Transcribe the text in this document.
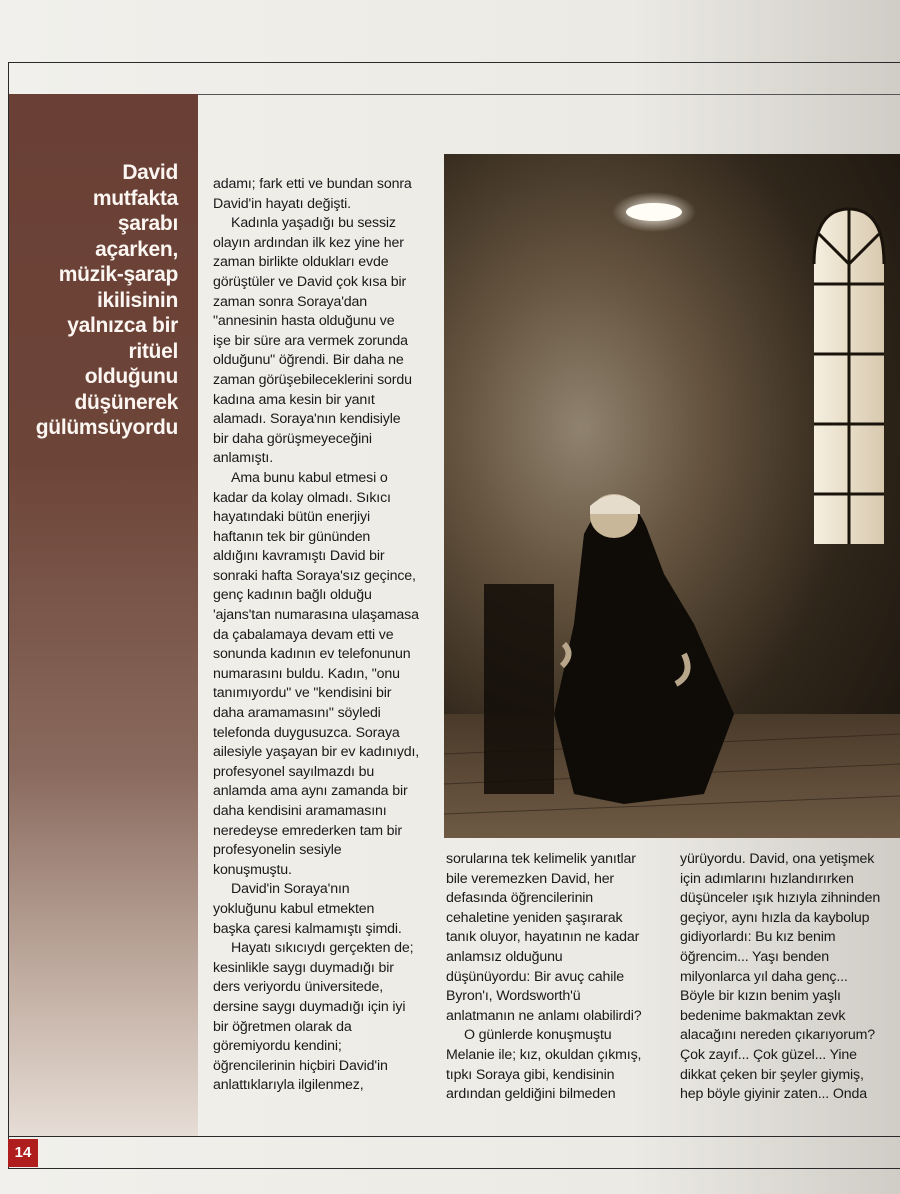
David
mutfakta
şarabı
açarken,
müzik-şarap
ikilisinin
yalnızca bir
ritüel
olduğunu
düşünerek
gülümsüyordu
adamı; fark etti ve bundan sonra
David'in hayatı değişti.
Kadınla yaşadığı bu sessiz
olayın ardından ilk kez yine her
zaman birlikte oldukları evde
görüştüler ve David çok kısa bir
zaman sonra Soraya'dan
"annesinin hasta olduğunu ve
işe bir süre ara vermek zorunda
olduğunu" öğrendi. Bir daha ne
zaman görüşebileceklerini sordu
kadına ama kesin bir yanıt
alamadı. Soraya'nın kendisiyle
bir daha görüşmeyeceğini
anlamıştı.
Ama bunu kabul etmesi o
kadar da kolay olmadı. Sıkıcı
hayatındaki bütün enerjiyi
haftanın tek bir gününden
aldığını kavramıştı David bir
sonraki hafta Soraya'sız geçince,
genç kadının bağlı olduğu
'ajans'tan numarasına ulaşamasa
da çabalamaya devam etti ve
sonunda kadının ev telefonunun
numarasını buldu. Kadın, "onu
tanımıyordu" ve "kendisini bir
daha aramamasını" söyledi
telefonda duygusuzca. Soraya
ailesiyle yaşayan bir ev kadınıydı,
profesyonel sayılmazdı bu
anlamda ama aynı zamanda bir
daha kendisini aramamasını
neredeyse emrederken tam bir
profesyonelin sesiyle
konuşmuştu.
David'in Soraya'nın
yokluğunu kabul etmekten
başka çaresi kalmamıştı şimdi.
Hayatı sıkıcıydı gerçekten de;
kesinlikle saygı duymadığı bir
ders veriyordu üniversitede,
dersine saygı duymadığı için iyi
bir öğretmen olarak da
göremiyordu kendini;
öğrencilerinin hiçbiri David'in
anlattıklarıyla ilgilenmez,
sorularına tek kelimelik yanıtlar
bile veremezken David, her
defasında öğrencilerinin
cehaletine yeniden şaşırarak
tanık oluyor, hayatının ne kadar
anlamsız olduğunu
düşünüyordu: Bir avuç cahile
Byron'ı, Wordsworth'ü
anlatmanın ne anlamı olabilirdi?
O günlerde konuşmuştu
Melanie ile; kız, okuldan çıkmış,
tıpkı Soraya gibi, kendisinin
ardından geldiğini bilmeden
yürüyordu. David, ona yetişmek
için adımlarını hızlandırırken
düşünceler ışık hızıyla zihninden
geçiyor, aynı hızla da kaybolup
gidiyorlardı: Bu kız benim
öğrencim... Yaşı benden
milyonlarca yıl daha genç...
Böyle bir kızın benim yaşlı
bedenime bakmaktan zevk
alacağını nereden çıkarıyorum?
Çok zayıf... Çok güzel... Yine
dikkat çeken bir şeyler giymiş,
hep böyle giyinir zaten... Onda
14
